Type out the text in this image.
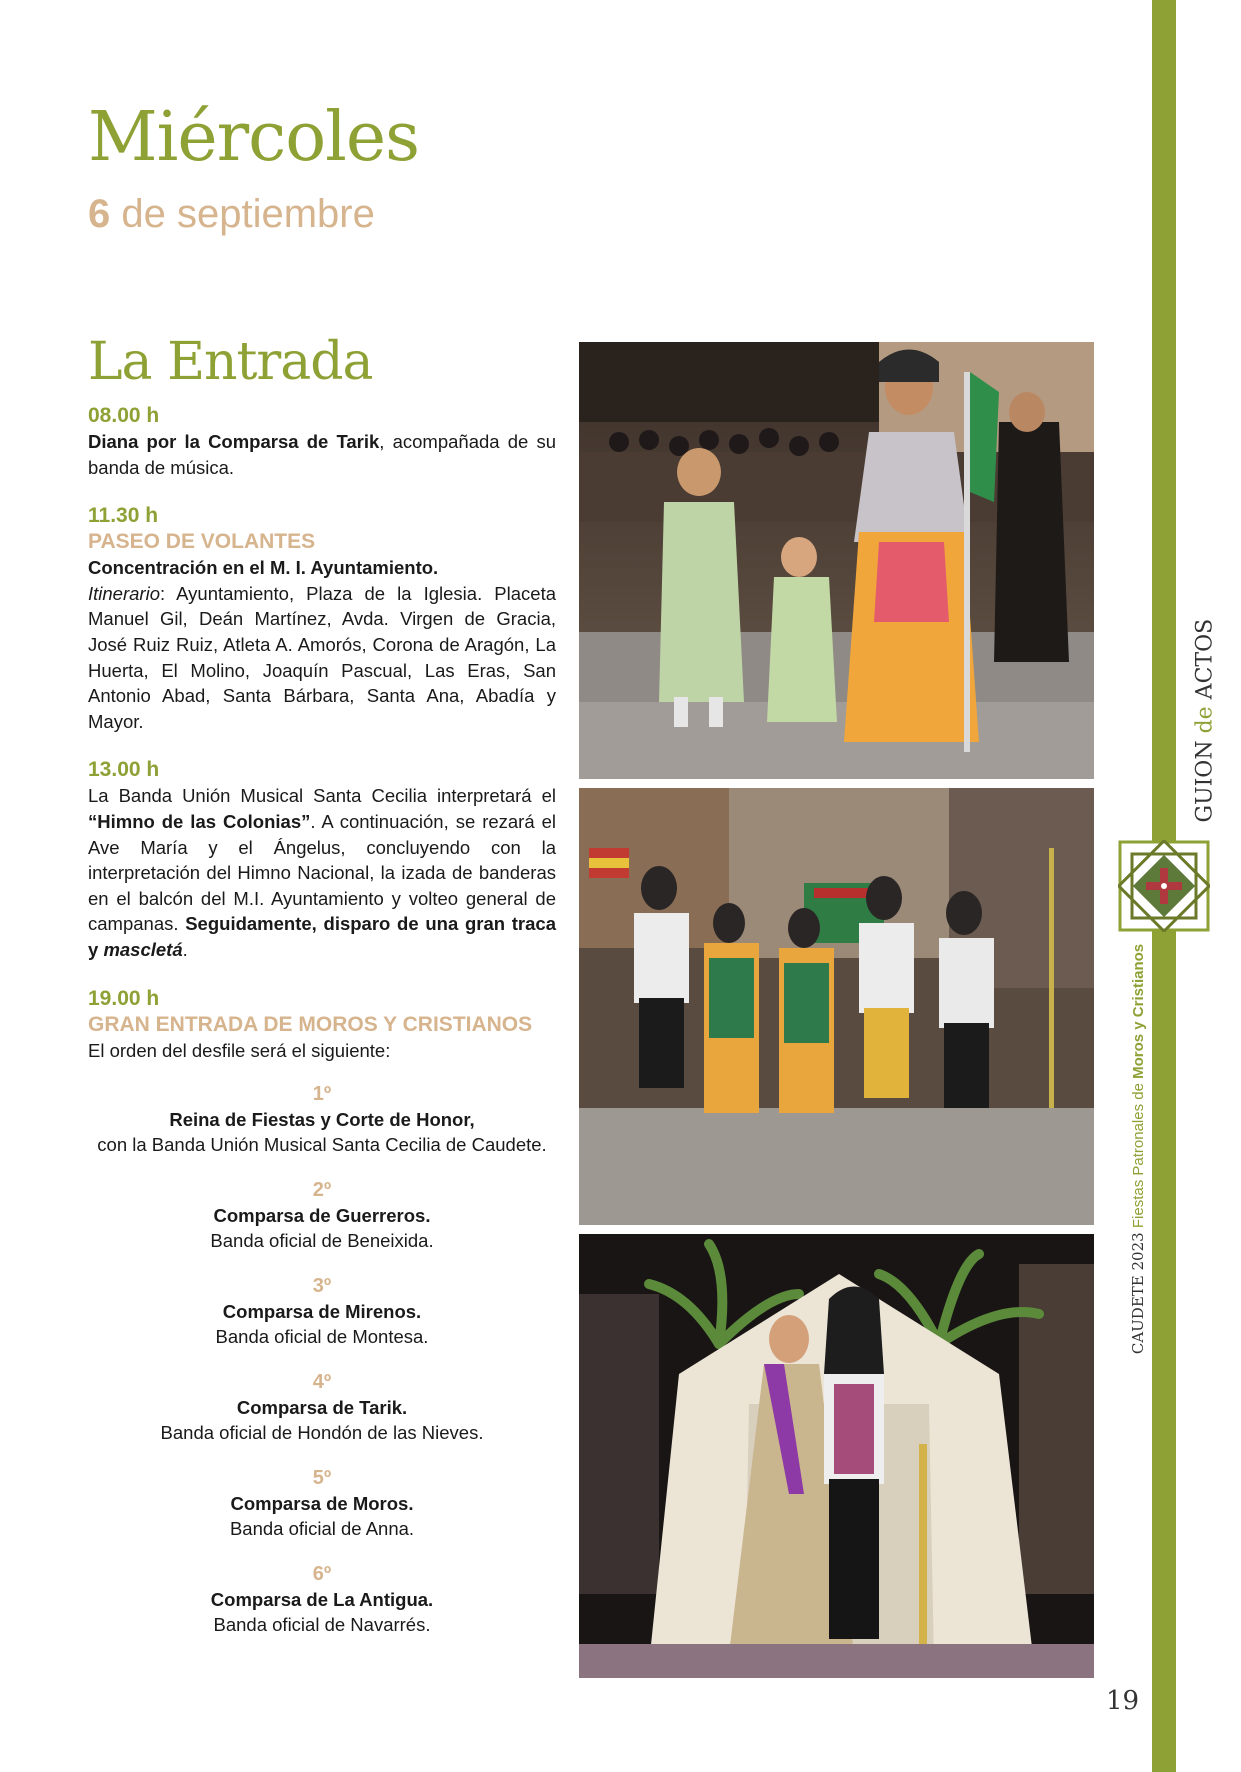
Miércoles
6 de septiembre
La Entrada
08.00 h

Diana por la Comparsa de Tarik, acompañada de su banda de música.

11.30 h
PASEO DE VOLANTES

Concentración en el M. I. Ayuntamiento.

Itinerario: Ayuntamiento, Plaza de la Iglesia. Placeta Manuel Gil, Deán Martínez, Avda. Virgen de Gracia, José Ruiz Ruiz, Atleta A. Amorós, Corona de Aragón, La Huerta, El Molino, Joaquín Pascual, Las Eras, San Antonio Abad, Santa Bárbara, Santa Ana, Abadía y Mayor.

13.00 h

La Banda Unión Musical Santa Cecilia interpretará el “Himno de las Colonias”. A continuación, se rezará el Ave María y el Ángelus, concluyendo con la interpretación del Himno Nacional, la izada de banderas en el balcón del M.I. Ayuntamiento y volteo general de campanas. Seguidamente, disparo de una gran traca y mascletá.

19.00 h
GRAN ENTRADA DE MOROS Y CRISTIANOS

El orden del desfile será el siguiente:

1º
Reina de Fiestas y Corte de Honor,
con la Banda Unión Musical Santa Cecilia de Caudete.
2º
Comparsa de Guerreros.
Banda oficial de Beneixida.
3º
Comparsa de Mirenos.
Banda oficial de Montesa.
4º
Comparsa de Tarik.
Banda oficial de Hondón de las Nieves.
5º
Comparsa de Moros.
Banda oficial de Anna.
6º
Comparsa de La Antigua.
Banda oficial de Navarrés.
GUION de ACTOS
CAUDETE 2023 Fiestas Patronales de Moros y Cristianos
19
